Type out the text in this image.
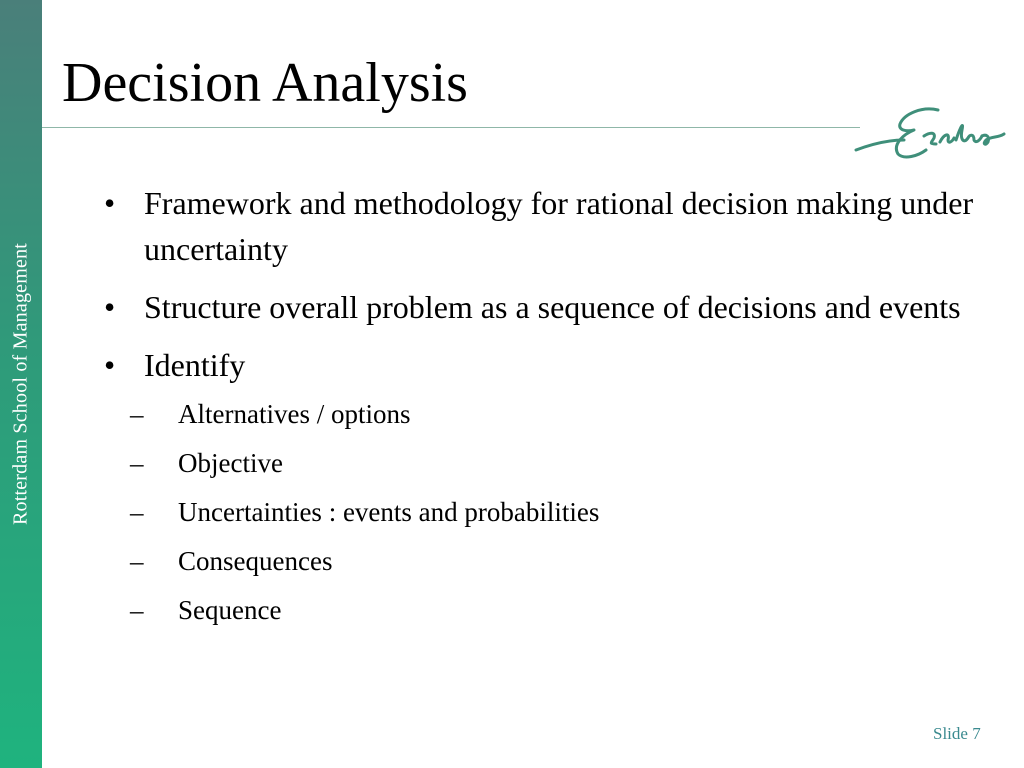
Rotterdam School of Management
Decision Analysis
• Framework and methodology for rational decision making under uncertainty
• Structure overall problem as a sequence of decisions and events
• Identify
– Alternatives / options
– Objective
– Uncertainties : events and probabilities
– Consequences
– Sequence
Slide 7
